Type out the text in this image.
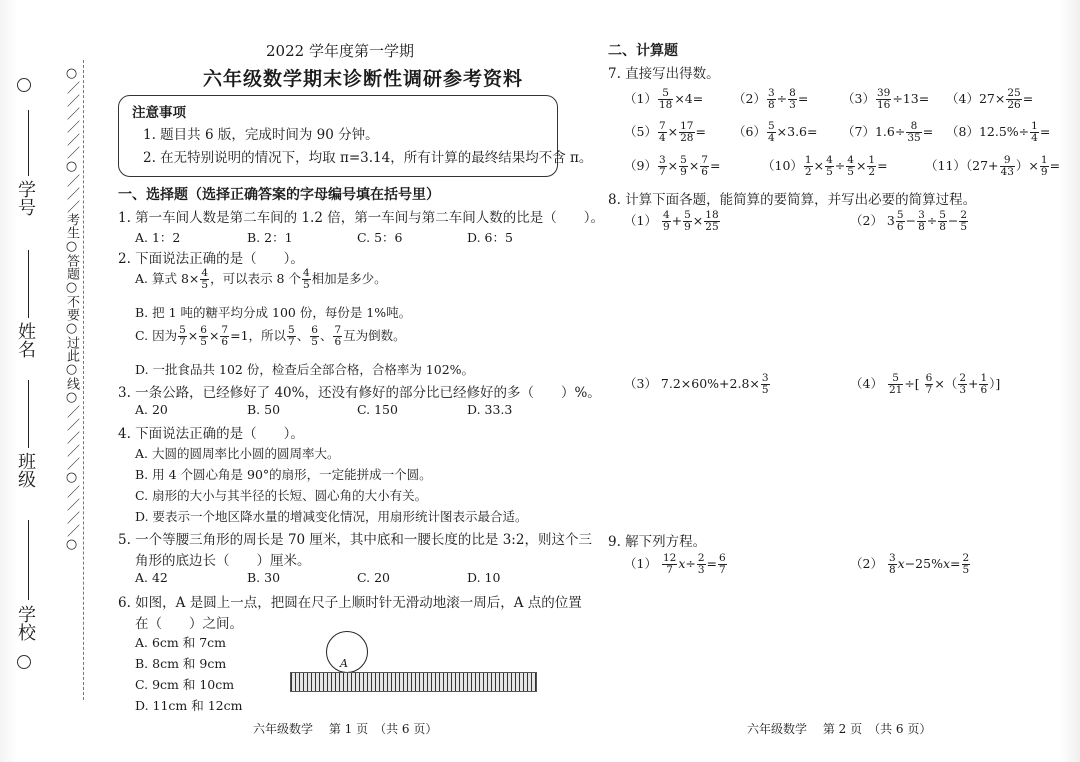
学校
班级
姓名
学号 ○／／／／／／○／／／考生○答题○不要○过此○线○／／／／／○／／／／○
2022 学年度第一学期
六年级数学期末诊断性调研参考资料
注意事项
1. 题目共 6 版，完成时间为 90 分钟。
2. 在无特别说明的情况下，均取 π=3.14，所有计算的最终结果均不含 π。
一、选择题（选择正确答案的字母编号填在括号里）
1. 第一车间人数是第二车间的 1.2 倍，第一车间与第二车间人数的比是（　　）。
A. 1：2	B. 2：1	C. 5：6	D. 6：5
2. 下面说法正确的是（　　）。
A. 算式 $8\times \frac{4}{5}$ ，可以表示 8 个 $\frac{4}{5}$ 相加是多少。
B. 把 1 吨的糖平均分成 100 份，每份是 1%吨。
C. 因为 $\frac{5}{7} \times \frac{6}{5} \times \frac{7}{6} =1$，所以 $\frac{5}{7}$ 、 $\frac{6}{5}$ 、 $\frac{7}{6}$ 互为倒数。
D. 一批食品共 102 份，检查后全部合格，合格率为 102%。
3. 一条公路，已经修好了 40%，还没有修好的部分比已经修好的多（　　）%。
A. 20	B. 50	C. 150	D. 33.3
4. 下面说法正确的是（　　）。
A. 大圆的圆周率比小圆的圆周率大。
B. 用 4 个圆心角是 90°的扇形，一定能拼成一个圆。
C. 扇形的大小与其半径的长短、圆心角的大小有关。
D. 要表示一个地区降水量的增减变化情况，用扇形统计图表示最合适。
5. 一个等腰三角形的周长是 70 厘米，其中底和一腰长度的比是 3:2，则这个三
角形的底边长（　　）厘米。
A. 42	B. 30	C. 20	D. 10
6. 如图，A 是圆上一点，把圆在尺子上顺时针无滑动地滚一周后，A 点的位置
在（　　）之间。
A. 6cm 和 7cm
B. 8cm 和 9cm
C. 9cm 和 10cm
D. 11cm 和 12cm
A
六年级数学　 第 1 页　（共 6 页）
二、计算题
7. 直接写出得数。
$(1) \frac{5}{18} \times 4= (2) \frac{3}{8} \div \frac{8}{3}$ =	$(3) \frac{39}{16} \div 13= (4)27\times \frac{25}{26}$ =
$(5) \frac{7}{4} \times \frac{17}{28} = (6) \frac{5}{4} \times 3.6= (7)1.6\div \frac{8}{35} = (8)12.5\%\div \frac{1}{4}$ =
$(9) \frac{3}{7} \times \frac{5}{9} \times \frac{7}{6}$ =	$(10) \frac{1}{2} \times \frac{4}{5} \div \frac{4}{5} \times \frac{1}{2}$ =	$(11)(27+ \frac{9}{43}$ ）× $\frac{1}{9}$ =
8. 计算下面各题，能简算的要简算，并写出必要的简算过程。
$(1) \frac{4}{9} + \frac{5}{9} \times \frac{18}{25}$	（2） $3 \frac{5}{6} - \frac{3}{8} \div \frac{5}{8} - \frac{2}{5}$
（3） $7.2\times 60\%+2.8\times \frac{3}{5}$	$(4) \frac{5}{21}$ ÷[ $\frac{6}{7}$ ×（ $\frac{2}{3} + \frac{1}{6}$ ）]
9. 解下列方程。
$(1) \frac{12}{7} x\div \frac{2}{3} = \frac{6}{7}$	$(2) \frac{3}{8} x-25\%x= \frac{2}{5}$
六年级数学　 第 2 页　（共 6 页）
